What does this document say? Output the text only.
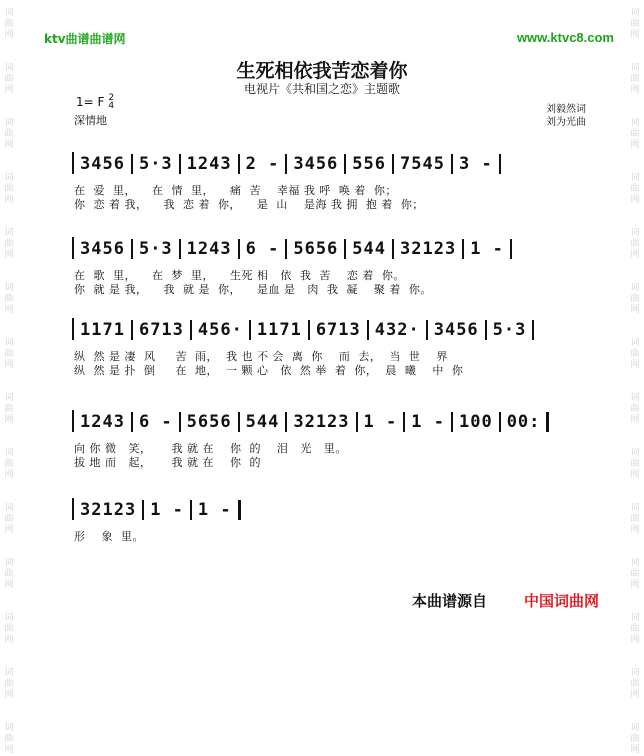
词曲网
词曲网
词曲网
词曲网
词曲网
词曲网
词曲网
词曲网
词曲网
词曲网
词曲网
词曲网
词曲网
词曲网
词曲网
词曲网
词曲网
词曲网
词曲网
词曲网
词曲网
词曲网
词曲网
词曲网
词曲网
词曲网
词曲网
词曲网
ktv曲谱曲谱网	www.ktvc8.com
生死相依我苦恋着你
电视片《共和国之恋》主题歌
1= F 2
4
深情地
刘毅然词
刘为光曲
3456 5·3 1243 2 - 3456 556 7545 3 -
在  爱  里，    在  情  里，    痛  苦    幸福 我 呼  唤 着  你；
你  恋 着 我，    我  恋 着  你，    是  山    是海 我 拥  抱 着  你；
3456 5·3 1243 6 - 5656 544 32123 1 -
在  歌  里，    在  梦  里，    生死 相   依  我  苦    恋 着  你。
你  就 是 我，    我  就 是  你，    是血 是   肉  我  凝    聚 着  你。
1171 6713 456· 1171 6713 432· 3456 5·3
纵  然 是 凄  风     苦  雨，  我 也 不 会  离  你    而  去，  当  世    界
纵  然 是 扑  倒     在  地，  一 颗 心   依  然 举  着  你，  晨  曦    中  你
1243 6 - 5656 544 32123 1 - 1 - 100 00:
向 你 微   笑，     我 就 在    你  的    泪   光   里。
拔 地 而   起，     我 就 在    你  的
32123 1 - 1 -
形    象  里。
本曲谱源自 中国词曲网
